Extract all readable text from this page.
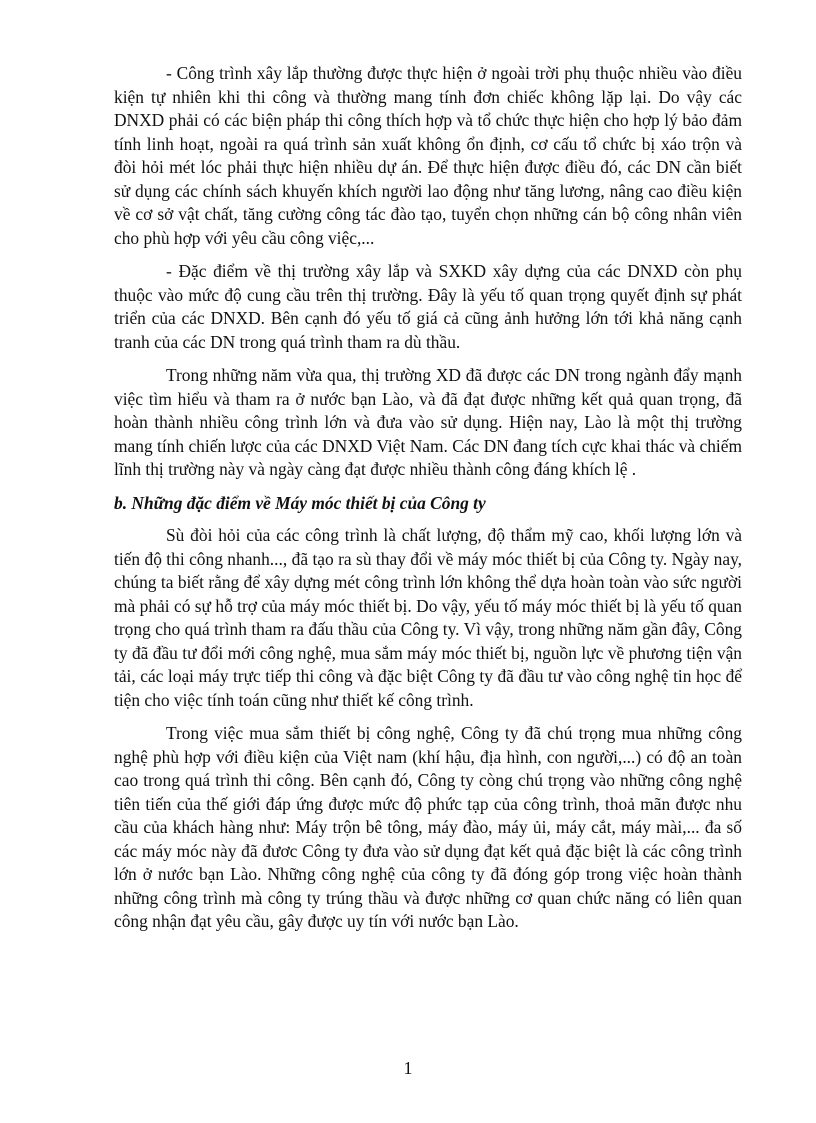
- Công trình xây lắp thường được thực hiện ở ngoài trời phụ thuộc nhiều vào điều kiện tự nhiên khi thi công và thường mang tính đơn chiếc không lặp lại. Do vậy các DNXD phải có các biện pháp thi công thích hợp và tổ chức thực hiện cho hợp lý bảo đảm tính linh hoạt, ngoài ra quá trình sản xuất không ổn định, cơ cấu tổ chức bị xáo trộn và đòi hỏi mét lóc phải thực hiện nhiều dự án. Để thực hiện được điều đó, các DN cần biết sử dụng các chính sách khuyến khích người lao động như tăng lương, nâng cao điều kiện về cơ sở vật chất, tăng cường công tác đào tạo, tuyển chọn những cán bộ công nhân viên cho phù hợp với yêu cầu công việc,...

- Đặc điểm về thị trường xây lắp và SXKD xây dựng của các DNXD còn phụ thuộc vào mức độ cung cầu trên thị trường. Đây là yếu tố quan trọng quyết định sự phát triển của các DNXD. Bên cạnh đó yếu tố giá cả cũng ảnh hưởng lớn tới khả năng cạnh tranh của các DN trong quá trình tham ra dù thầu.

Trong những năm vừa qua, thị trường XD đã được các DN trong ngành đẩy mạnh việc tìm hiểu và tham ra ở nước bạn Lào, và đã đạt được những kết quả quan trọng, đã hoàn thành nhiều công trình lớn và đưa vào sử dụng. Hiện nay, Lào là một thị trường mang tính chiến lược của các DNXD Việt Nam. Các DN đang tích cực khai thác và chiếm lĩnh thị trường này và ngày càng đạt được nhiều thành công đáng khích lệ .

b. Những đặc điểm về Máy móc thiết bị của Công ty

Sù đòi hỏi của các công trình là chất lượng, độ thẩm mỹ cao, khối lượng lớn và tiến độ thi công nhanh..., đã tạo ra sù thay đổi về máy móc thiết bị của Công ty. Ngày nay, chúng ta biết rằng để xây dựng mét công trình lớn không thể dựa hoàn toàn vào sức người mà phải có sự hỗ trợ của máy móc thiết bị. Do vậy, yếu tố máy móc thiết bị là yếu tố quan trọng cho quá trình tham ra đấu thầu của Công ty. Vì vậy, trong những năm gần đây, Công ty đã đầu tư đổi mới công nghệ, mua sắm máy móc thiết bị, nguồn lực về phương tiện vận tải, các loại máy trực tiếp thi công và đặc biệt Công ty đã đầu tư vào công nghệ tin học để tiện cho việc tính toán cũng như thiết kế công trình.

Trong việc mua sắm thiết bị công nghệ, Công ty đã chú trọng mua những công nghệ phù hợp với điều kiện của Việt nam (khí hậu, địa hình, con người,...) có độ an toàn cao trong quá trình thi công. Bên cạnh đó, Công ty còng chú trọng vào những công nghệ tiên tiến của thế giới đáp ứng được mức độ phức tạp của công trình, thoả mãn được nhu cầu của khách hàng như: Máy trộn bê tông, máy đào, máy ủi, máy cắt, máy mài,... đa số các máy móc này đã đươc Công ty đưa vào sử dụng đạt kết quả đặc biệt là các công trình lớn ở nước bạn Lào. Những công nghệ của công ty đã đóng góp trong việc hoàn thành những công trình mà công ty trúng thầu và được những cơ quan chức năng có liên quan công nhận đạt yêu cầu, gây được uy tín với nước bạn Lào.

1
